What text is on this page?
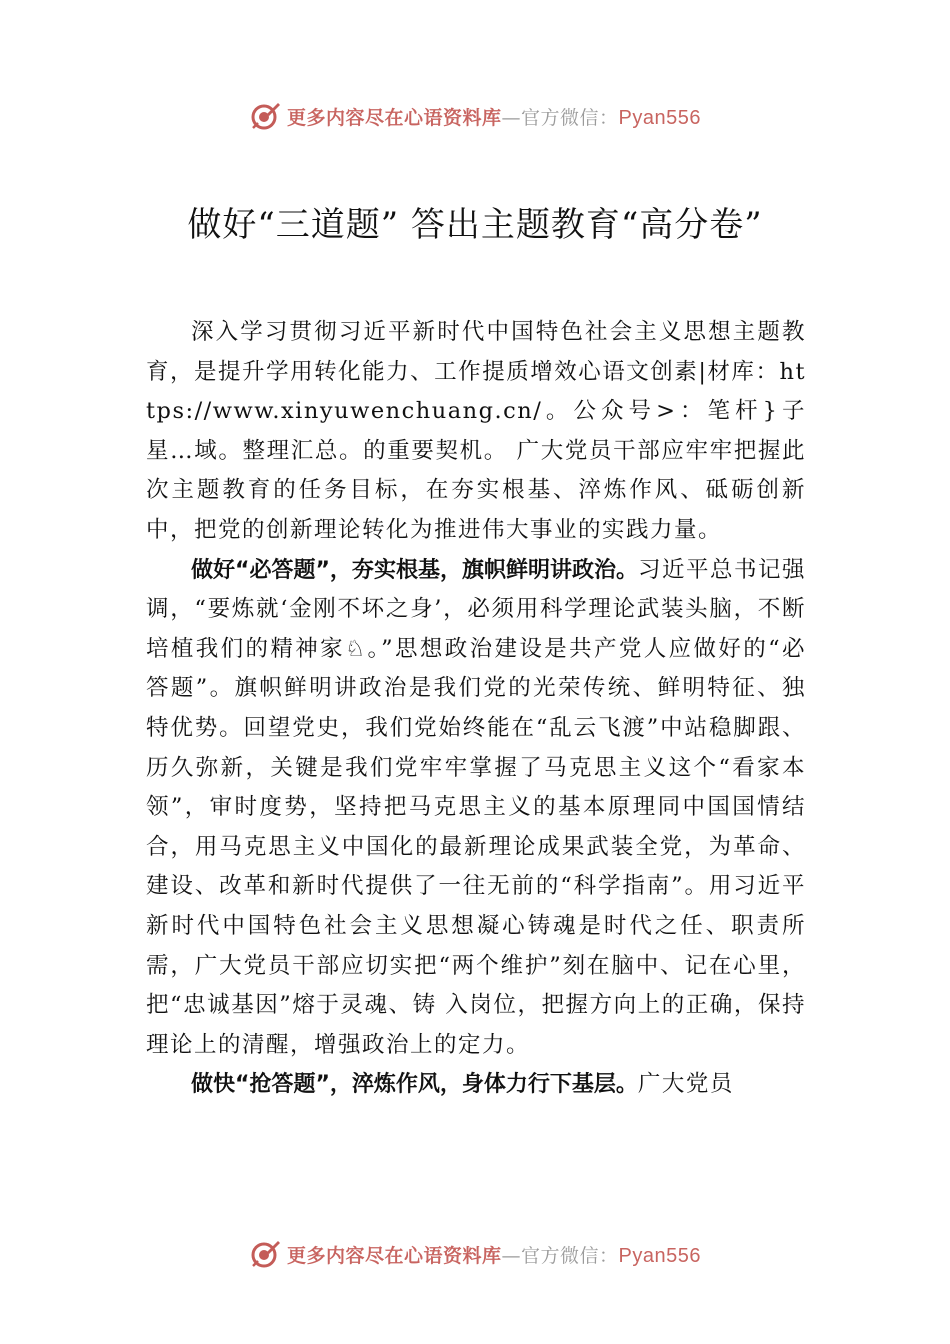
更多内容尽在心语资料库—官方微信：Pyan556
做好“三道题” 答出主题教育“高分卷”

深入学习贯彻习近平新时代中国特色社会主义思想主题教育，是提升学用转化能力、工作提质增效心语文创素|材库：https://www.xinyuwenchuang.cn/。公众号>：笔杆}子星…域。整理汇总。的重要契机。 广大党员干部应牢牢把握此次主题教育的任务目标，在夯实根基、淬炼作风、砥砺创新中，把党的创新理论转化为推进伟大事业的实践力量。

做好“必答题”，夯实根基，旗帜鲜明讲政治。习近平总书记强调，“要炼就‘金刚不坏之身’，必须用科学理论武装头脑，不断培植我们的精神家♘。”思想政治建设是共产党人应做好的“必答题”。旗帜鲜明讲政治是我们党的光荣传统、鲜明特征、独特优势。回望党史，我们党始终能在“乱云飞渡”中站稳脚跟、历久弥新，关键是我们党牢牢掌握了马克思主义这个“看家本领”，审时度势，坚持把马克思主义的基本原理同中国国情结合，用马克思主义中国化的最新理论成果武装全党，为革命、建设、改革和新时代提供了一往无前的“科学指南”。用习近平新时代中国特色社会主义思想凝心铸魂是时代之任、职责所需，广大党员干部应切实把“两个维护”刻在脑中、记在心里，把“忠诚基因”熔于灵魂、铸 入岗位，把握方向上的正确，保持理论上的清醒，增强政治上的定力。

做快“抢答题”，淬炼作风，身体力行下基层。广大党员

更多内容尽在心语资料库—官方微信：Pyan556
